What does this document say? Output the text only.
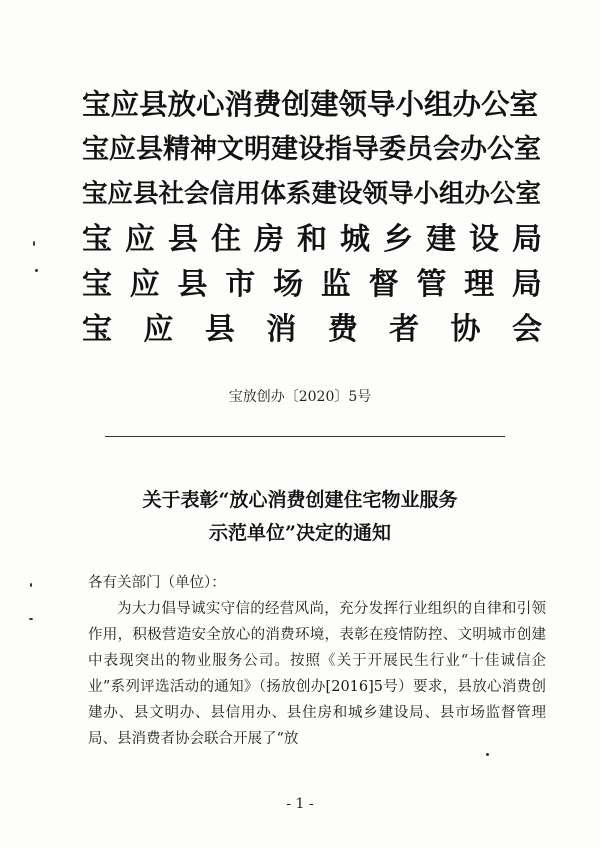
宝应县放心消费创建领导小组办公室
宝应县精神文明建设指导委员会办公室
宝应县社会信用体系建设领导小组办公室
宝 应 县 住 房 和 城 乡 建 设 局
宝 应 县 市 场 监 督 管 理 局
宝 应 县 消 费 者 协 会
宝放创办〔2020〕5号
关于表彰“放心消费创建住宅物业服务
示范单位”决定的通知

各有关部门（单位）：

为大力倡导诚实守信的经营风尚，充分发挥行业组织的自律和引领作用，积极营造安全放心的消费环境，表彰在疫情防控、文明城市创建中表现突出的物业服务公司。按照《关于开展民生行业“十佳诚信企业”系列评选活动的通知》（扬放创办[2016]5号）要求，县放心消费创建办、县文明办、县信用办、县住房和城乡建设局、县市场监督管理局、县消费者协会联合开展了“放

- 1 -
